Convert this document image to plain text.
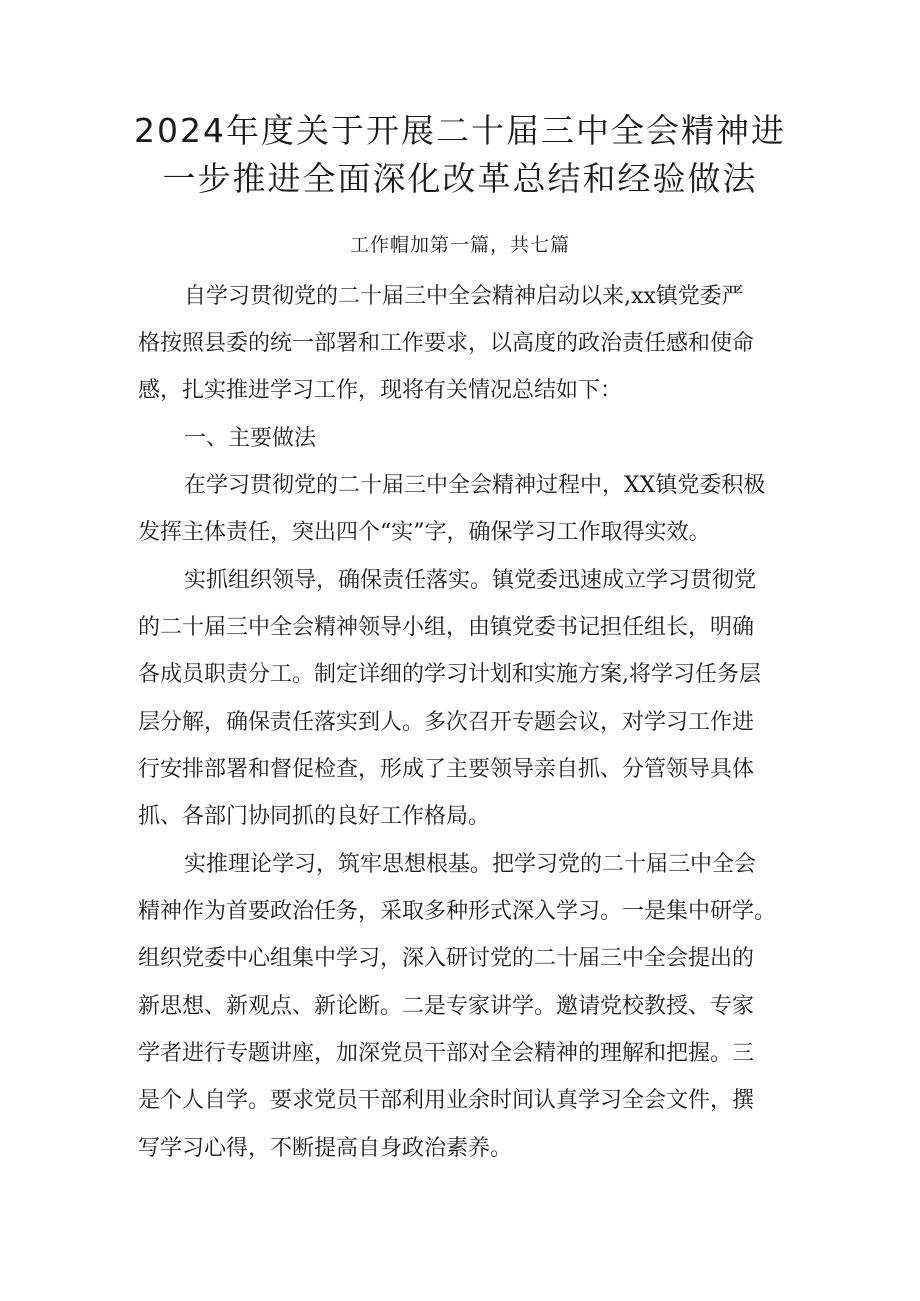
2024年度关于开展二十届三中全会精神进
一步推进全面深化改革总结和经验做法

工作帽加第一篇，共七篇

自学习贯彻党的二十届三中全会精神启动以来,xx镇党委严

格按照县委的统一部署和工作要求，以高度的政治责任感和使命

感，扎实推进学习工作，现将有关情况总结如下：

一、主要做法

在学习贯彻党的二十届三中全会精神过程中，XX镇党委积极

发挥主体责任，突出四个“实”字，确保学习工作取得实效。

实抓组织领导，确保责任落实。镇党委迅速成立学习贯彻党

的二十届三中全会精神领导小组，由镇党委书记担任组长，明确

各成员职责分工。制定详细的学习计划和实施方案,将学习任务层

层分解，确保责任落实到人。多次召开专题会议，对学习工作进

行安排部署和督促检查，形成了主要领导亲自抓、分管领导具体

抓、各部门协同抓的良好工作格局。

实推理论学习，筑牢思想根基。把学习党的二十届三中全会

精神作为首要政治任务，采取多种形式深入学习。一是集中研学。

组织党委中心组集中学习，深入研讨党的二十届三中全会提出的

新思想、新观点、新论断。二是专家讲学。邀请党校教授、专家

学者进行专题讲座，加深党员干部对全会精神的理解和把握。三

是个人自学。要求党员干部利用业余时间认真学习全会文件，撰

写学习心得，不断提高自身政治素养。
